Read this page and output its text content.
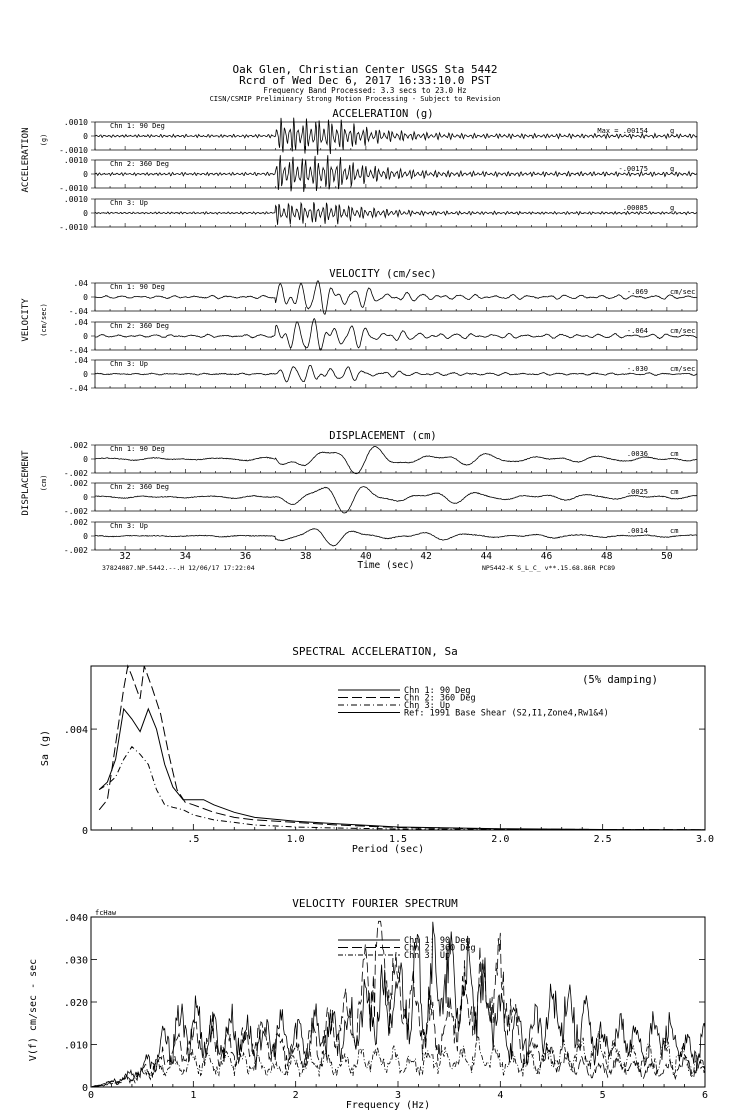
Oak Glen, Christian Center USGS Sta 5442
Rcrd of Wed Dec 6, 2017 16:33:10.0 PST
Frequency Band Processed: 3.3 secs to 23.0 Hz
CISN/CSMIP Preliminary Strong Motion Processing - Subject to Revision
ACCELERATION (g)
VELOCITY (cm/sec)
DISPLACEMENT (cm)
ACCELERATION (g)
VELOCITY (cm/sec)
DISPLACEMENT (cm)
.0010
0
-.0010
Chn 1: 90 Deg
Max = .00154	g
.0010
0
-.0010
Chn 2: 360 Deg
-.00175	g
.0010
0
-.0010
Chn 3: Up
.00085	g
.04
0
-.04
Chn 1: 90 Deg
-.069	cm/sec
.04
0
-.04
Chn 2: 360 Deg
-.064	cm/sec
.04
0
-.04
Chn 3: Up
-.030	cm/sec
.002
0
-.002
Chn 1: 90 Deg
.0036	cm
.002
0
-.002
Chn 2: 360 Deg
.0025	cm
.002
0
-.002
Chn 3: Up
.0014	cm
32	34	36	38	40	42	44	46	48	50
Time (sec)
37824087.NP.5442.--.H 12/06/17 17:22:04	NP5442-K S_L_C_ v**.15.68.86R PC89
SPECTRAL ACCELERATION, Sa
Sa (g)
Period (sec)
(5% damping)
.5	1.0	1.5	2.0	2.5	3.0
0
.004
Chn 1: 90 Deg
Chn 2: 360 Deg
Chn 3: Up
Ref: 1991 Base Shear (S2,I1,Zone4,Rw1&4)
VELOCITY FOURIER SPECTRUM
fcHaw
V(f) cm/sec - sec
Frequency (Hz)
0	1	2	3	4	5	6
0
.010
.020
.030
.040
Chn 1: 90 Deg
Chn 2: 360 Deg
Chn 3: Up
